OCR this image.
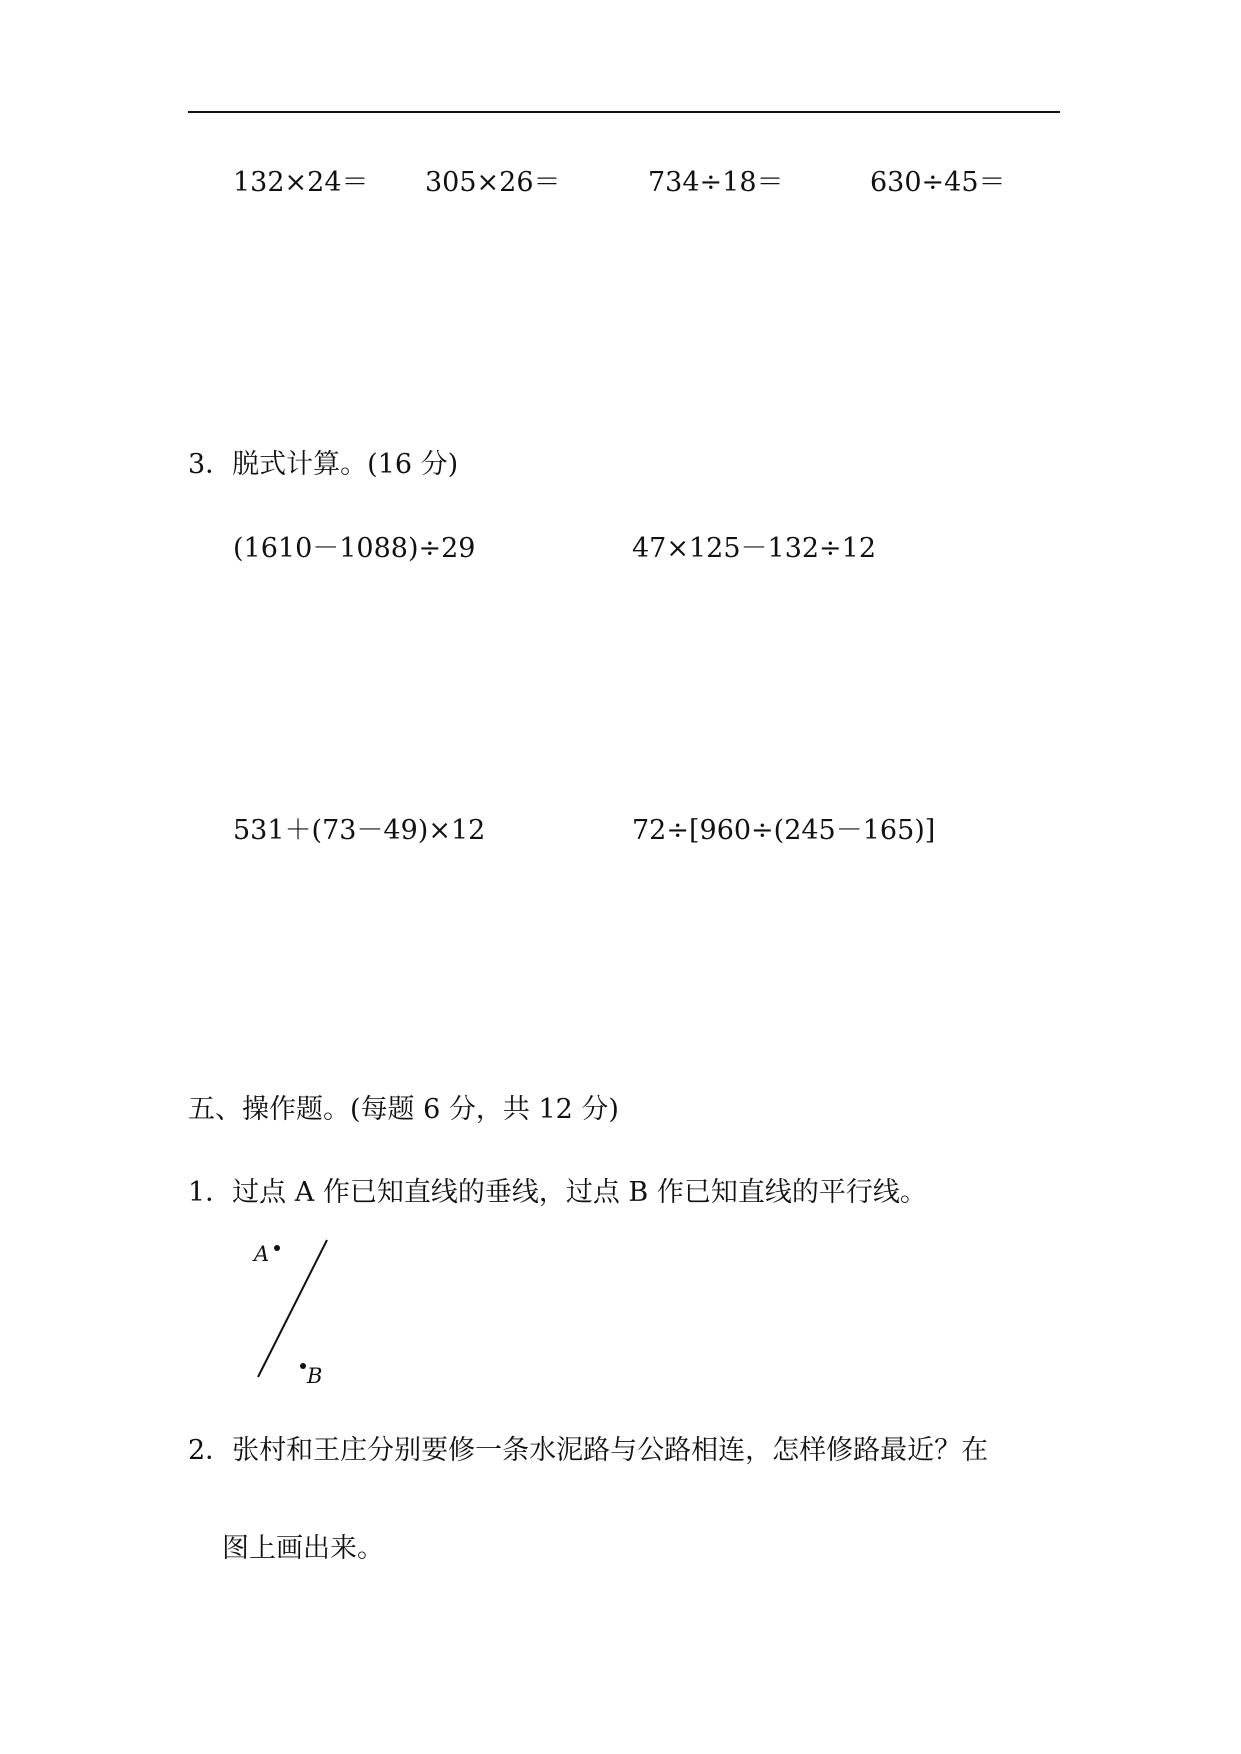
132×24＝ 305×26＝	734÷18＝	630÷45＝
3．脱式计算。(16 分)
(1610－1088)÷29	47×125－132÷12
531＋(73－49)×12	72÷[960÷(245－165)]
五、操作题。(每题 6 分，共 12 分)
1．过点 A 作已知直线的垂线，过点 B 作已知直线的平行线。
A
B
2．张村和王庄分别要修一条水泥路与公路相连，怎样修路最近？在
图上画出来。
